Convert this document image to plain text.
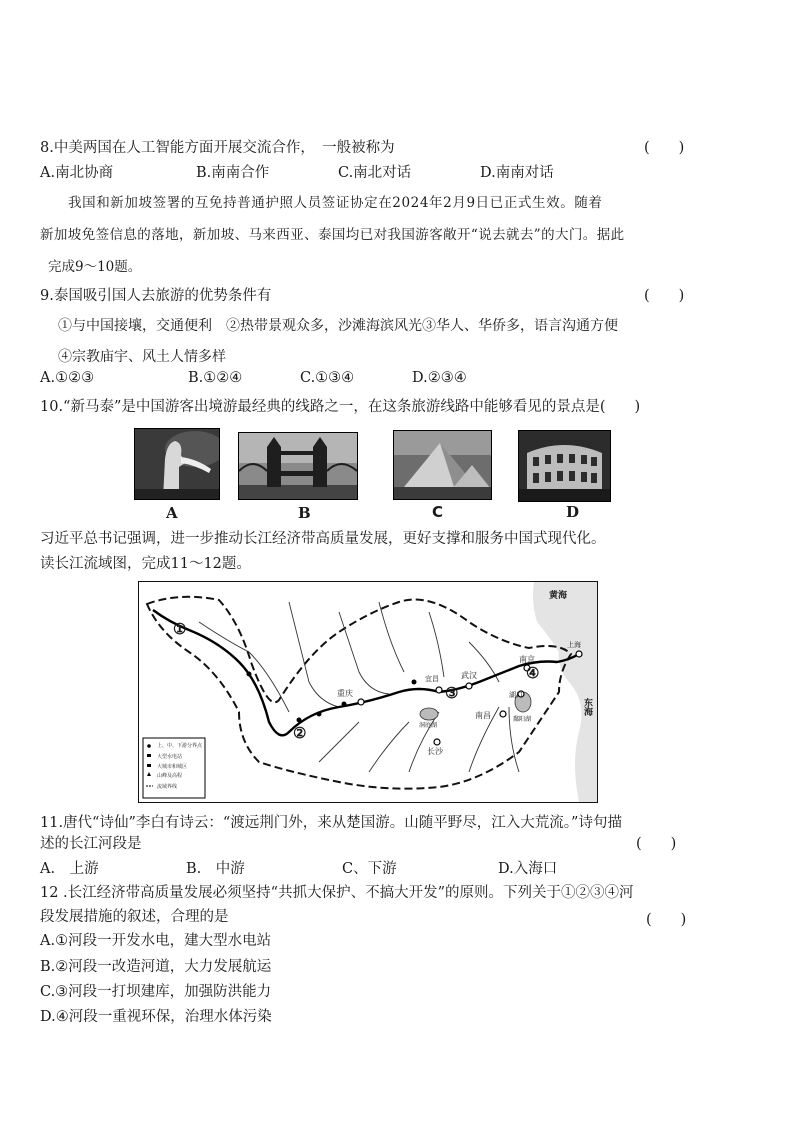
8.中美两国在人工智能方面开展交流合作，　一般被称为	(　　)
A.南北协商	B.南南合作	C.南北对话	D.南南对话
我国和新加坡签署的互免持普通护照人员签证协定在2024年2月9日已正式生效。随着
新加坡免签信息的落地，新加坡、马来西亚、泰国均已对我国游客敞开“说去就去”的大门。据此
完成9～10题。
9.泰国吸引国人去旅游的优势条件有	(　　)
①与中国接壤，交通便利　②热带景观众多，沙滩海滨风光③华人、华侨多，语言沟通方便
④宗教庙宇、风土人情多样
A.①②③	B.①②④	C.①③④	D.②③④
10.“新马泰”是中国游客出境游最经典的线路之一，在这条旅游线路中能够看见的景点是(　　)
A	B	C	D
习近平总书记强调，进一步推动长江经济带高质量发展，更好支撑和服务中国式现代化。
读长江流域图，完成11～12题。
黄海
东海
重庆
武汉
宜昌
长沙
洞庭湖
南昌	鄱阳湖
湖口
南京
上海
①
②
③
④
上、中、下游分界点
大型水电站
大城市和城区
山峰及高程
流域界线
11.唐代“诗仙”李白有诗云：“渡远荆门外，来从楚国游。山随平野尽，江入大荒流。”诗句描
述的长江河段是	(　　)
A.　上游	B.　中游	C、下游	D.入海口
12 .长江经济带高质量发展必须坚持“共抓大保护、不搞大开发”的原则。下列关于①②③④河
段发展措施的叙述，合理的是	(　　)
A.①河段一开发水电，建大型水电站
B.②河段一改造河道，大力发展航运
C.③河段一打坝建库，加强防洪能力
D.④河段一重视环保，治理水体污染
